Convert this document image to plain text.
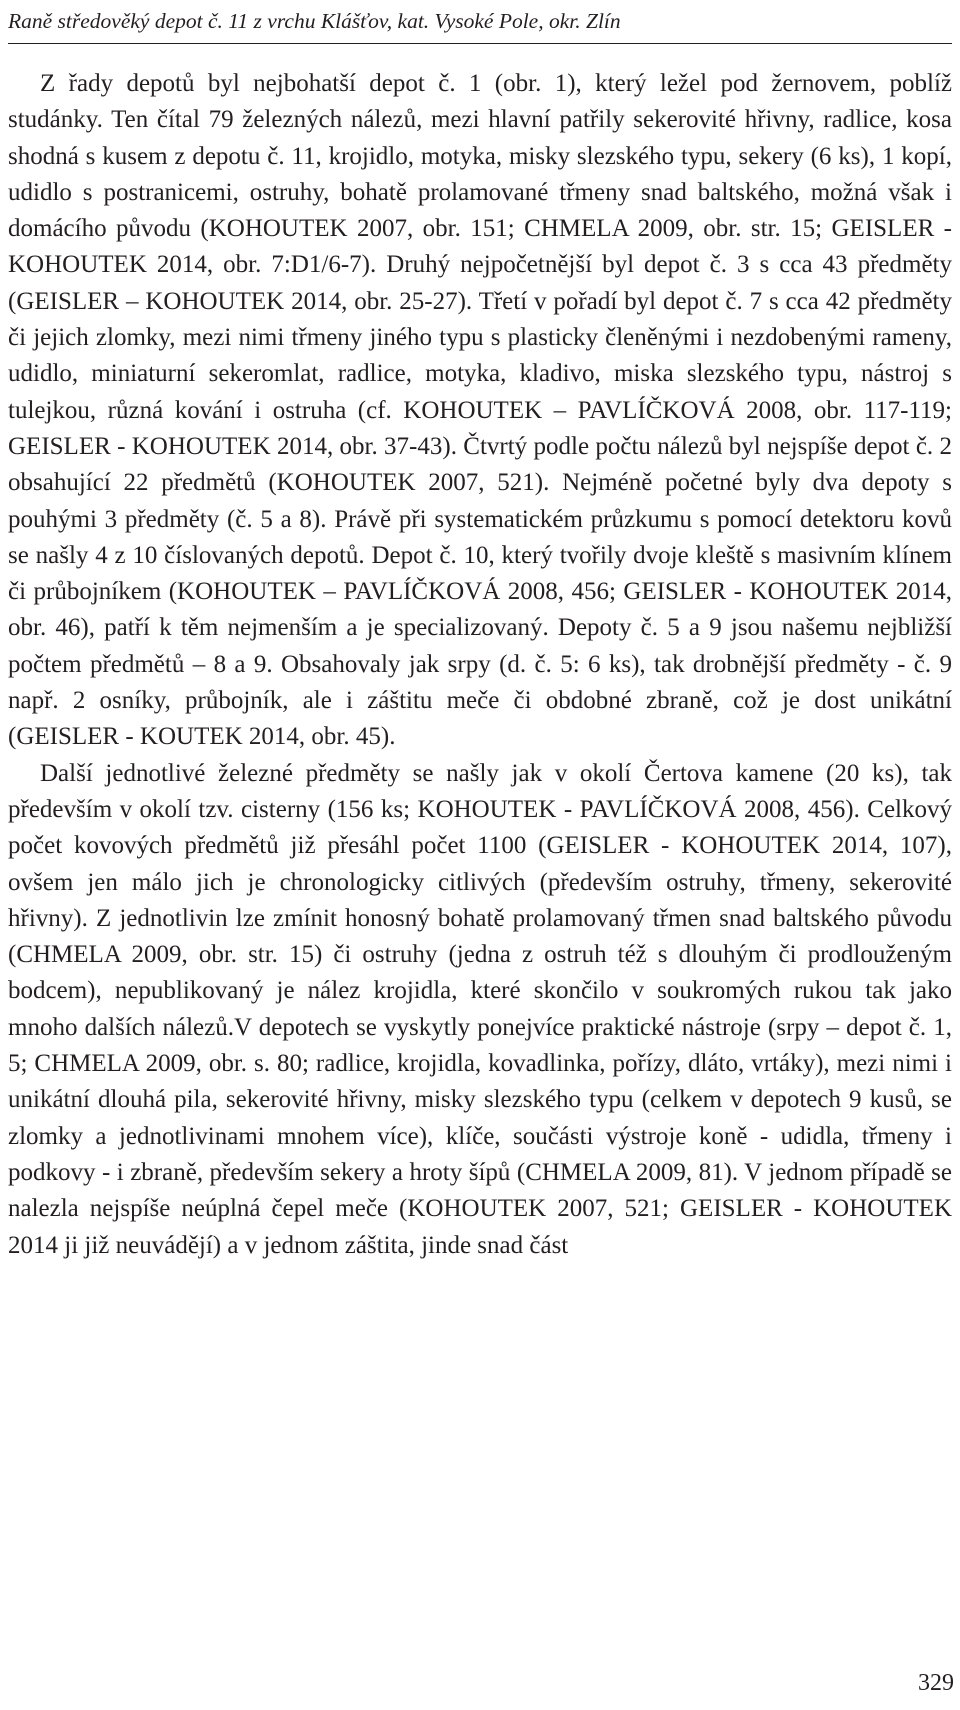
Raně středověký depot č. 11 z vrchu Klášťov, kat. Vysoké Pole, okr. Zlín

Z řady depotů byl nejbohatší depot č. 1 (obr. 1), který ležel pod žernovem, poblíž studánky. Ten čítal 79 železných nálezů, mezi hlavní patřily sekerovité hřivny, radlice, kosa shodná s kusem z depotu č. 11, krojidlo, motyka, misky slezského typu, sekery (6 ks), 1 kopí, udidlo s postranicemi, ostruhy, bohatě prolamované třmeny snad baltského, možná však i domácího původu (KOHOUTEK 2007, obr. 151; CHMELA 2009, obr. str. 15; GEISLER - KOHOUTEK 2014, obr. 7:D1/6-7). Druhý nejpočetnější byl depot č. 3 s cca 43 předměty (GEISLER – KOHOUTEK 2014, obr. 25-27). Třetí v pořadí byl depot č. 7 s cca 42 předměty či jejich zlomky, mezi nimi třmeny jiného typu s plasticky členěnými i nezdobenými rameny, udidlo, miniaturní sekeromlat, radlice, motyka, kladivo, miska slezského typu, nástroj s tulejkou, různá kování i ostruha (cf. KOHOUTEK – PAVLÍČKOVÁ 2008, obr. 117-119; GEISLER - KOHOUTEK 2014, obr. 37-43). Čtvrtý podle počtu nálezů byl nejspíše depot č. 2 obsahující 22 předmětů (KOHOUTEK 2007, 521). Nejméně početné byly dva depoty s pouhými 3 předměty (č. 5 a 8). Právě při systematickém průzkumu s pomocí detektoru kovů se našly 4 z 10 číslovaných depotů. Depot č. 10, který tvořily dvoje kleště s masivním klínem či průbojníkem (KOHOUTEK – PAVLÍČKOVÁ 2008, 456; GEISLER - KOHOUTEK 2014, obr. 46), patří k těm nejmenším a je specializovaný. Depoty č. 5 a 9 jsou našemu nejbližší počtem předmětů – 8 a 9. Obsahovaly jak srpy (d. č. 5: 6 ks), tak drobnější předměty - č. 9 např. 2 osníky, průbojník, ale i záštitu meče či obdobné zbraně, což je dost unikátní (GEISLER - KOUTEK 2014, obr. 45).

Další jednotlivé železné předměty se našly jak v okolí Čertova kamene (20 ks), tak především v okolí tzv. cisterny (156 ks; KOHOUTEK - PAVLÍČKOVÁ 2008, 456). Celkový počet kovových předmětů již přesáhl počet 1100 (GEISLER - KOHOUTEK 2014, 107), ovšem jen málo jich je chronologicky citlivých (především ostruhy, třmeny, sekerovité hřivny). Z jednotlivin lze zmínit honosný bohatě prolamovaný třmen snad baltského původu (CHMELA 2009, obr. str. 15) či ostruhy (jedna z ostruh též s dlouhým či prodlouženým bodcem), nepublikovaný je nález krojidla, které skončilo v soukromých rukou tak jako mnoho dalších nálezů.V depotech se vyskytly ponejvíce praktické nástroje (srpy – depot č. 1, 5; CHMELA 2009, obr. s. 80; radlice, krojidla, kovadlinka, pořízy, dláto, vrtáky), mezi nimi i unikátní dlouhá pila, sekerovité hřivny, misky slezského typu (celkem v depotech 9 kusů, se zlomky a jednotlivinami mnohem více), klíče, součásti výstroje koně - udidla, třmeny i podkovy - i zbraně, především sekery a hroty šípů (CHMELA 2009, 81). V jednom případě se nalezla nejspíše neúplná čepel meče (KOHOUTEK 2007, 521; GEISLER - KOHOUTEK 2014 ji již neuvádějí) a v jednom záštita, jinde snad část

329
